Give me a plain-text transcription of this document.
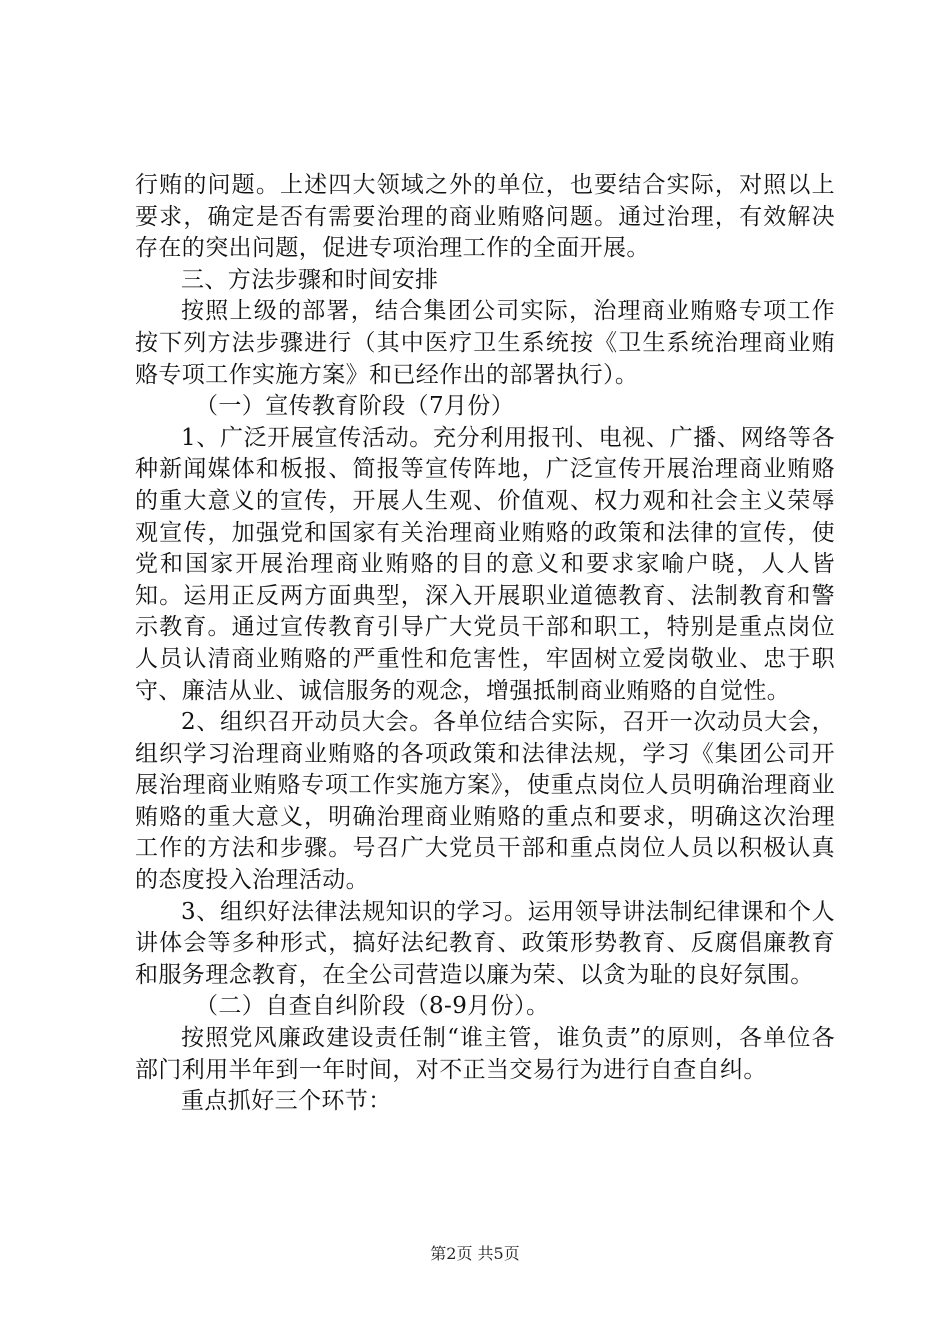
行贿的问题。上述四大领域之外的单位，也要结合实际，对照以上要求，确定是否有需要治理的商业贿赂问题。通过治理，有效解决存在的突出问题，促进专项治理工作的全面开展。

三、方法步骤和时间安排

按照上级的部署，结合集团公司实际，治理商业贿赂专项工作按下列方法步骤进行（其中医疗卫生系统按《卫生系统治理商业贿赂专项工作实施方案》和已经作出的部署执行）。

（一）宣传教育阶段（7月份）

1、广泛开展宣传活动。充分利用报刊、电视、广播、网络等各种新闻媒体和板报、简报等宣传阵地，广泛宣传开展治理商业贿赂的重大意义的宣传，开展人生观、价值观、权力观和社会主义荣辱观宣传，加强党和国家有关治理商业贿赂的政策和法律的宣传，使党和国家开展治理商业贿赂的目的意义和要求家喻户晓，人人皆知。运用正反两方面典型，深入开展职业道德教育、法制教育和警示教育。通过宣传教育引导广大党员干部和职工，特别是重点岗位人员认清商业贿赂的严重性和危害性，牢固树立爱岗敬业、忠于职守、廉洁从业、诚信服务的观念，增强抵制商业贿赂的自觉性。

2、组织召开动员大会。各单位结合实际，召开一次动员大会，组织学习治理商业贿赂的各项政策和法律法规，学习《集团公司开展治理商业贿赂专项工作实施方案》，使重点岗位人员明确治理商业贿赂的重大意义，明确治理商业贿赂的重点和要求，明确这次治理工作的方法和步骤。号召广大党员干部和重点岗位人员以积极认真的态度投入治理活动。

3、组织好法律法规知识的学习。运用领导讲法制纪律课和个人讲体会等多种形式，搞好法纪教育、政策形势教育、反腐倡廉教育和服务理念教育，在全公司营造以廉为荣、以贪为耻的良好氛围。

（二）自查自纠阶段（8-9月份）。

按照党风廉政建设责任制“谁主管，谁负责”的原则，各单位各部门利用半年到一年时间，对不正当交易行为进行自查自纠。

重点抓好三个环节：

第2页 共5页
